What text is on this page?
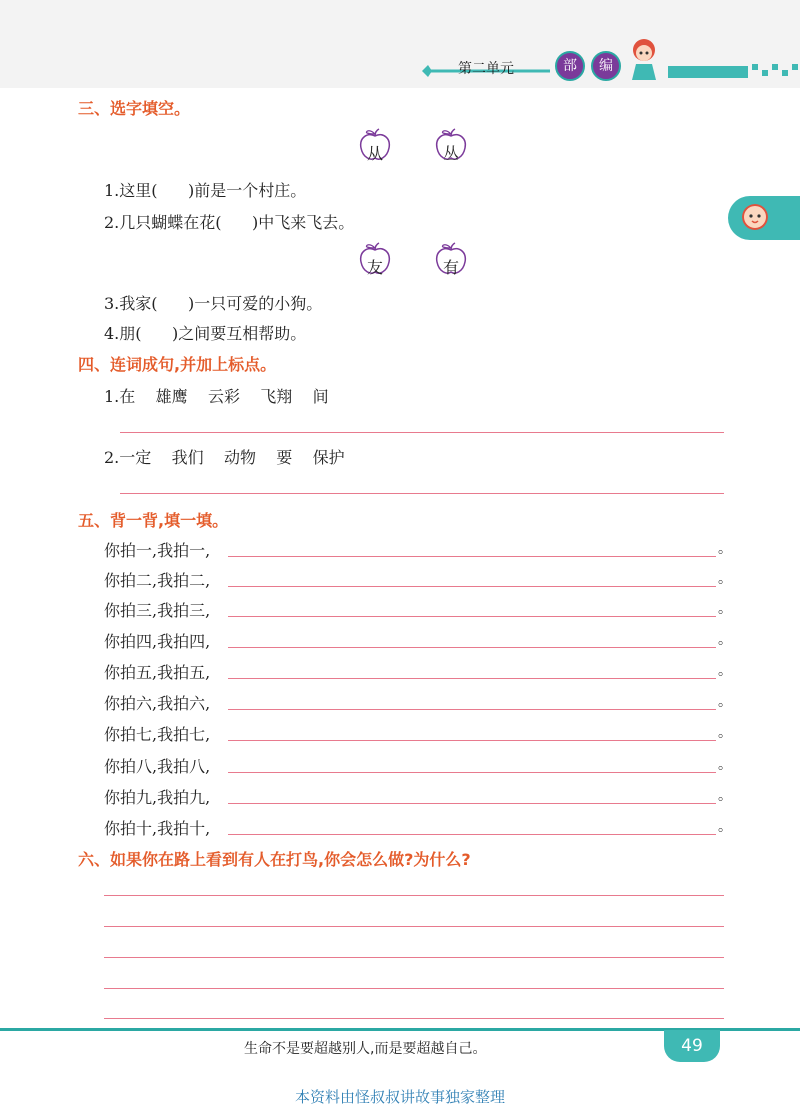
第二单元	部	编
三、选字填空。
从	丛
1.这里(      )前是一个村庄。
2.几只蝴蝶在花(      )中飞来飞去。
友	有
3.我家(      )一只可爱的小狗。
4.朋(      )之间要互相帮助。
四、连词成句,并加上标点。
1.在    雄鹰    云彩    飞翔    间
2.一定    我们    动物    要    保护
五、背一背,填一填。
你拍一,我拍一,	。
你拍二,我拍二,	。
你拍三,我拍三,	。
你拍四,我拍四,	。
你拍五,我拍五,	。
你拍六,我拍六,	。
你拍七,我拍七,	。
你拍八,我拍八,	。
你拍九,我拍九,	。
你拍十,我拍十,	。
六、如果你在路上看到有人在打鸟,你会怎么做?为什么?
生命不是要超越别人,而是要超越自己。	49
本资料由怪叔叔讲故事独家整理
